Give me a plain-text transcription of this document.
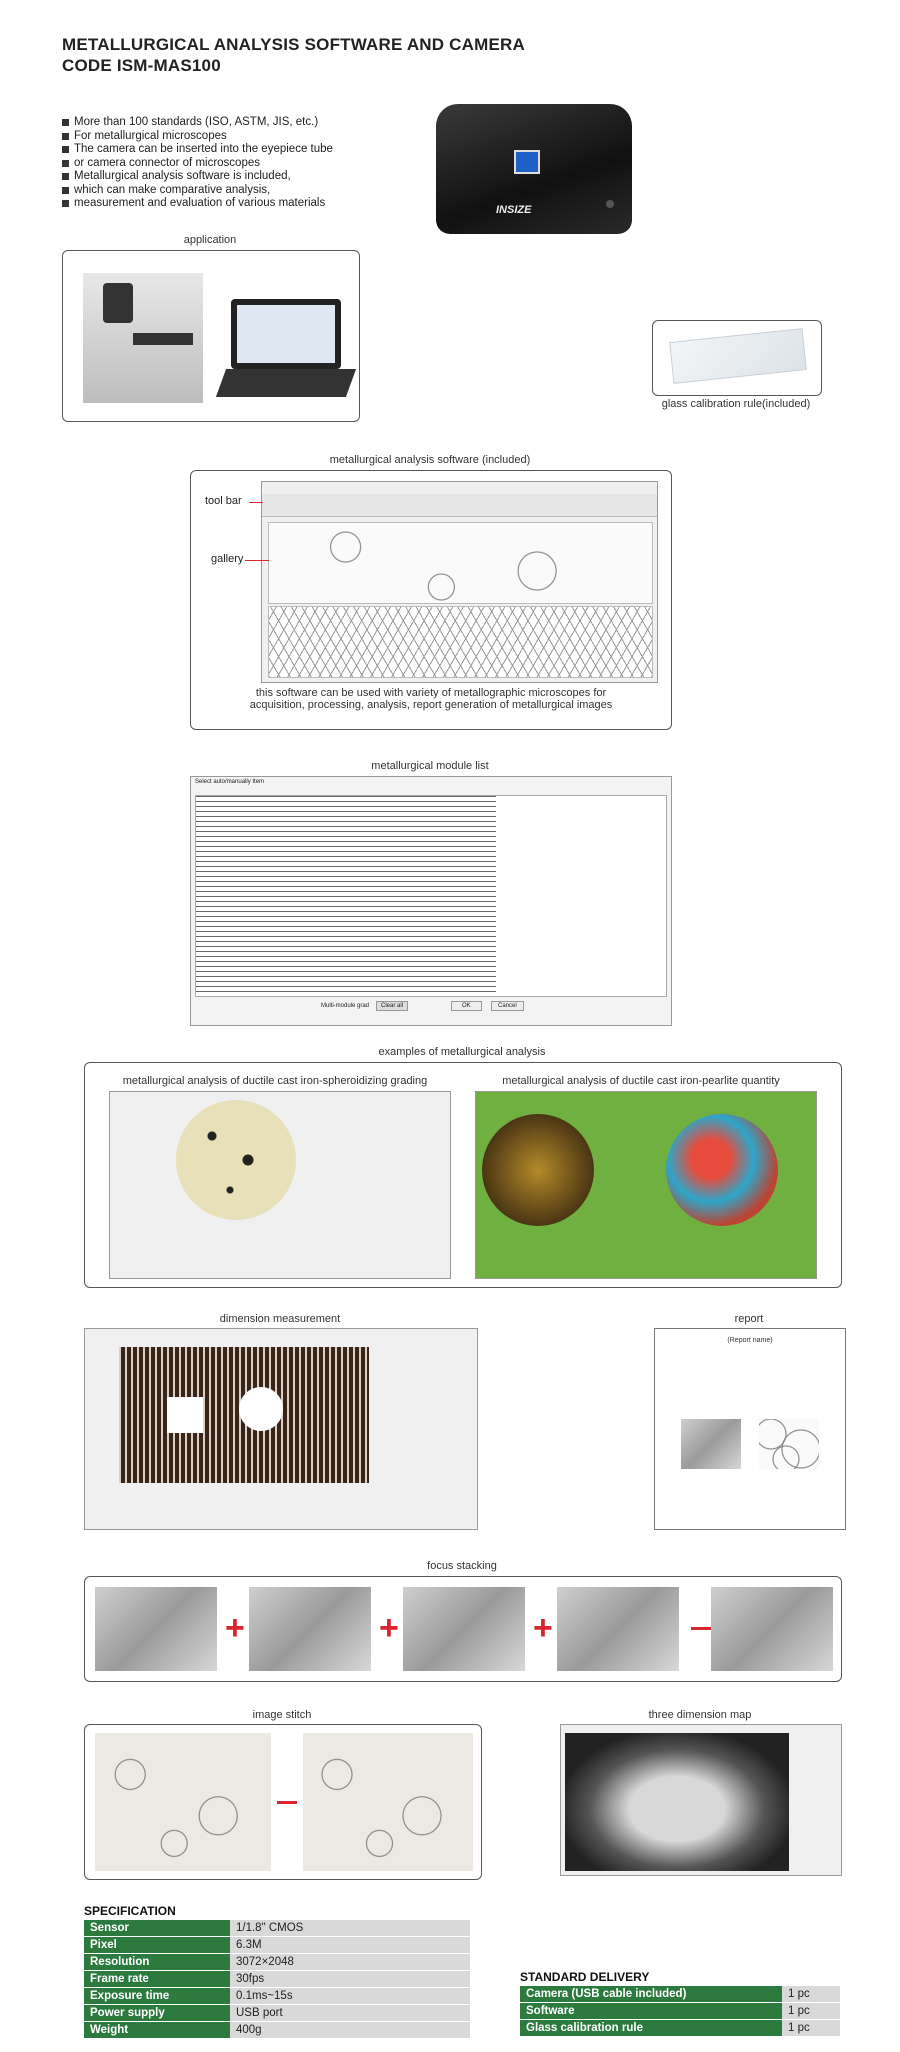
METALLURGICAL ANALYSIS SOFTWARE AND CAMERA
CODE ISM-MAS100
More than 100 standards (ISO, ASTM, JIS, etc.)
For metallurgical microscopes
The camera can be inserted into the eyepiece tube
or camera connector of microscopes
Metallurgical analysis software is included,
which can make comparative analysis,
measurement and evaluation of various materials
INSIZE
application
glass calibration rule(included)
metallurgical analysis software (included)
tool bar
gallery
this software can be used with variety of metallographic microscopes for
acquisition, processing, analysis, report generation of metallurgical images
metallurgical module list
Select auto/manually Item
Multi-module grad	Clear all	OK	Cancel
examples of metallurgical analysis
metallurgical analysis of ductile cast iron-spheroidizing grading	metallurgical analysis of ductile cast iron-pearlite quantity
dimension measurement	report
(Report name)
focus stacking
+	+	+
image stitch	three dimension map
SPECIFICATION
Sensor	1/1.8" CMOS
Pixel	6.3M
Resolution	3072×2048
Frame rate	30fps
Exposure time	0.1ms~15s
Power supply	USB port
Weight	400g
STANDARD DELIVERY
Camera (USB cable included)	1 pc
Software	1 pc
Glass calibration rule	1 pc
